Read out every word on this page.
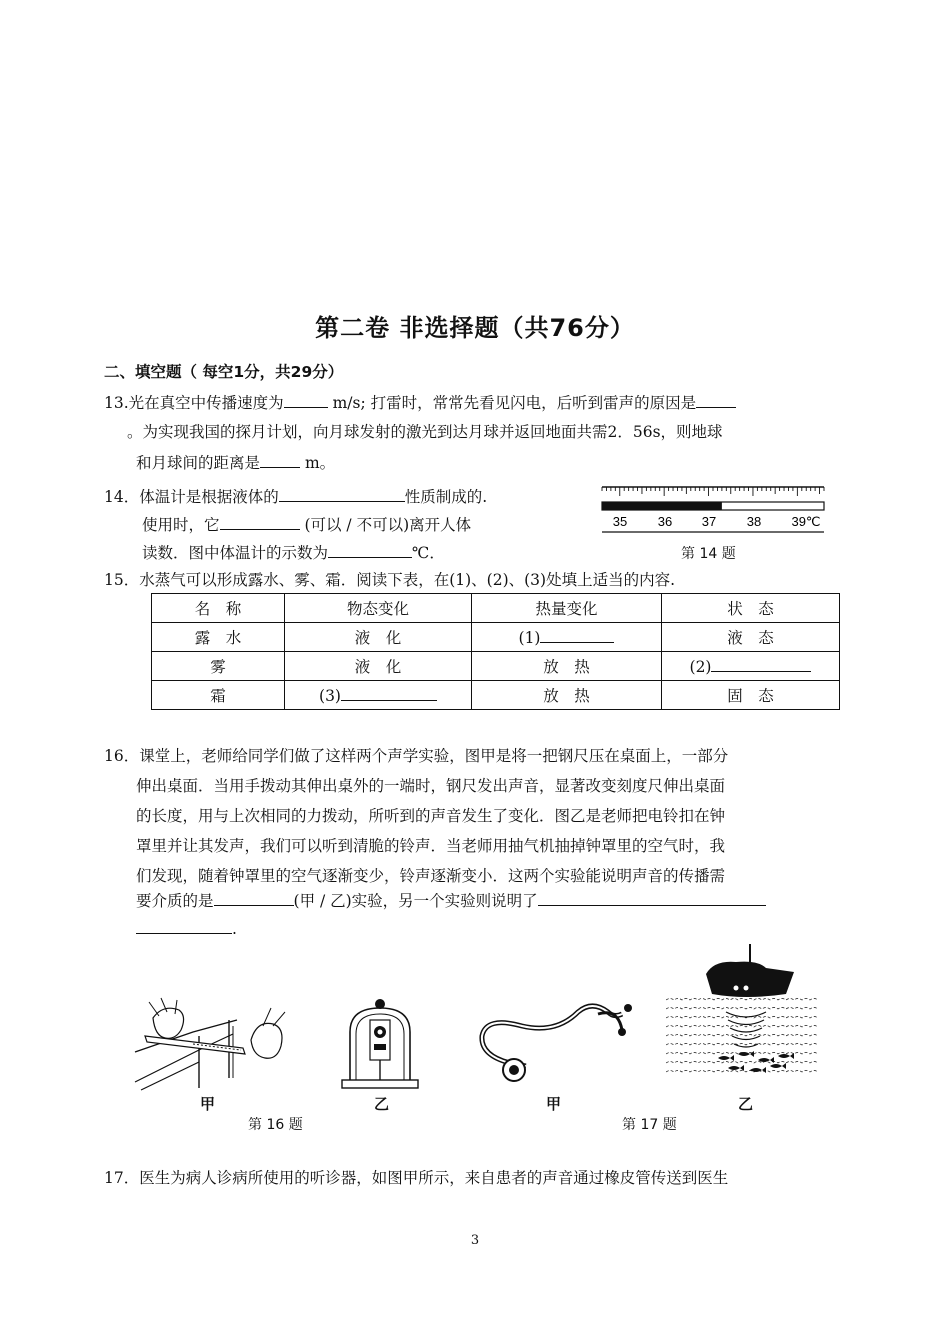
第二卷 非选择题（共76分）
二、填空题（ 每空1分，共29分）
13.光在真空中传播速度为	m/s; 打雷时，常常先看见闪电，后听到雷声的原因是
。为实现我国的探月计划，向月球发射的激光到达月球并返回地面共需2．56s，则地球
和月球间的距离是	m。
14．体温计是根据液体的	性质制成的.
使用时，它	(可以 / 不可以)离开人体
读数．图中体温计的示数为	℃．
35 36 37 38 39℃
第 14 题
15．水蒸气可以形成露水、雾、霜．阅读下表，在(1)、(2)、(3)处填上适当的内容.
名　称	物态变化	热量变化	状　态
露　水	液　化	(1)	液　态
雾	液　化	放　热	(2)
霜	(3)	放　热	固　态
16．课堂上，老师给同学们做了这样两个声学实验，图甲是将一把钢尺压在桌面上，一部分
伸出桌面．当用手拨动其伸出桌外的一端时，钢尺发出声音，显著改变刻度尺伸出桌面
的长度，用与上次相同的力拨动，所听到的声音发生了变化．图乙是老师把电铃扣在钟
罩里并让其发声，我们可以听到清脆的铃声．当老师用抽气机抽掉钟罩里的空气时，我
们发现，随着钟罩里的空气逐渐变少，铃声逐渐变小．这两个实验能说明声音的传播需
要介质的是	(甲 / 乙)实验，另一个实验则说明了
.
甲	乙	甲	乙
第 16 题	第 17 题
17．医生为病人诊病所使用的听诊器，如图甲所示，来自患者的声音通过橡皮管传送到医生
3
